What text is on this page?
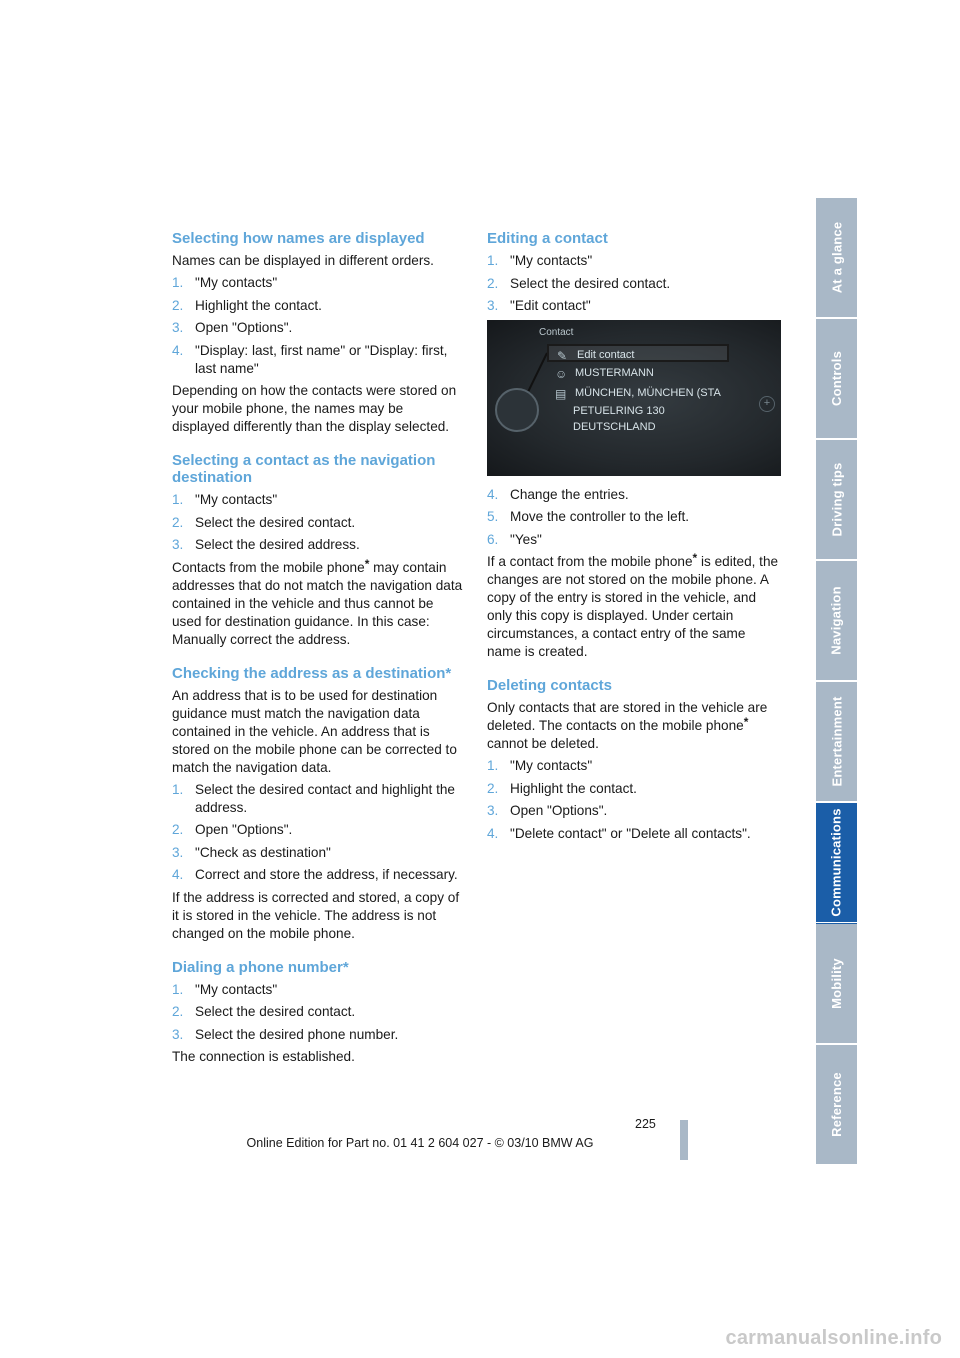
Selecting how names are displayed

Names can be displayed in different orders.

1. "My contacts"
2. Highlight the contact.
3. Open "Options".
4. "Display: last, first name" or "Display: first, last name"

Depending on how the contacts were stored on your mobile phone, the names may be displayed differently than the display selected.

Selecting a contact as the navigation destination
1. "My contacts"
2. Select the desired contact.
3. Select the desired address.

Contacts from the mobile phone* may contain addresses that do not match the navigation data contained in the vehicle and thus cannot be used for destination guidance. In this case: Manually correct the address.

Checking the address as a destination*

An address that is to be used for destination guidance must match the navigation data contained in the vehicle. An address that is stored on the mobile phone can be corrected to match the navigation data.

1. Select the desired contact and highlight the address.
2. Open "Options".
3. "Check as destination"
4. Correct and store the address, if necessary.

If the address is corrected and stored, a copy of it is stored in the vehicle. The address is not changed on the mobile phone.

Dialing a phone number*
1. "My contacts"
2. Select the desired contact.
3. Select the desired phone number.

The connection is established.

Editing a contact
1. "My contacts"
2. Select the desired contact.
3. "Edit contact"
Contact
✎ Edit contact
☺ MUSTERMANN
▤ MÜNCHEN, MÜNCHEN (STA
PETUELRING 130
DEUTSCHLAND
+
4. Change the entries.
5. Move the controller to the left.
6. "Yes"

If a contact from the mobile phone* is edited, the changes are not stored on the mobile phone. A copy of the entry is stored in the vehicle, and only this copy is displayed. Under certain circumstances, a contact entry of the same name is created.

Deleting contacts

Only contacts that are stored in the vehicle are deleted. The contacts on the mobile phone* cannot be deleted.

1. "My contacts"
2. Highlight the contact.
3. Open "Options".
4. "Delete contact" or "Delete all contacts".
At a glance
Controls
Driving tips
Navigation
Entertainment
Communications
Mobility
Reference
225
Online Edition for Part no. 01 41 2 604 027 - © 03/10 BMW AG
carmanualsonline.info
